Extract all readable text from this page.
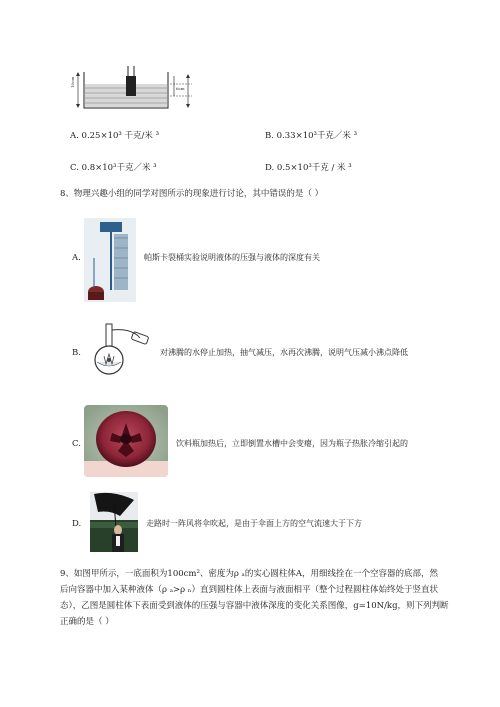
10cm
6cm
A. 0.25×10³ 千克/米 ³	B. 0.33×10³千克／米 ³
C. 0.8×10³千克／米 ³	D. 0.5×10³千克 / 米 ³
8、物理兴趣小组的同学对图所示的现象进行讨论，其中错误的是（ ）
A.	帕斯卡裂桶实验说明液体的压强与液体的深度有关
B.	对沸腾的水停止加热，抽气减压，水再次沸腾，说明气压减小沸点降低
C.	饮料瓶加热后，立即倒置水槽中会变瘪，因为瓶子热胀冷缩引起的
D.	走路时一阵风将伞吹起，是由于伞面上方的空气流速大于下方
9、如图甲所示，一底面积为100cm²、密度为ρ ₐ的实心圆柱体A，用细线拴在一个空容器的底部，然
后向容器中加入某种液体（ρ ₐ>ρ ₙ）直到圆柱体上表面与液面相平（整个过程圆柱体始终处于竖直状
态），乙图是圆柱体下表面受到液体的压强与容器中液体深度的变化关系图像，g=10N/kg，则下列判断
正确的是（ ）
